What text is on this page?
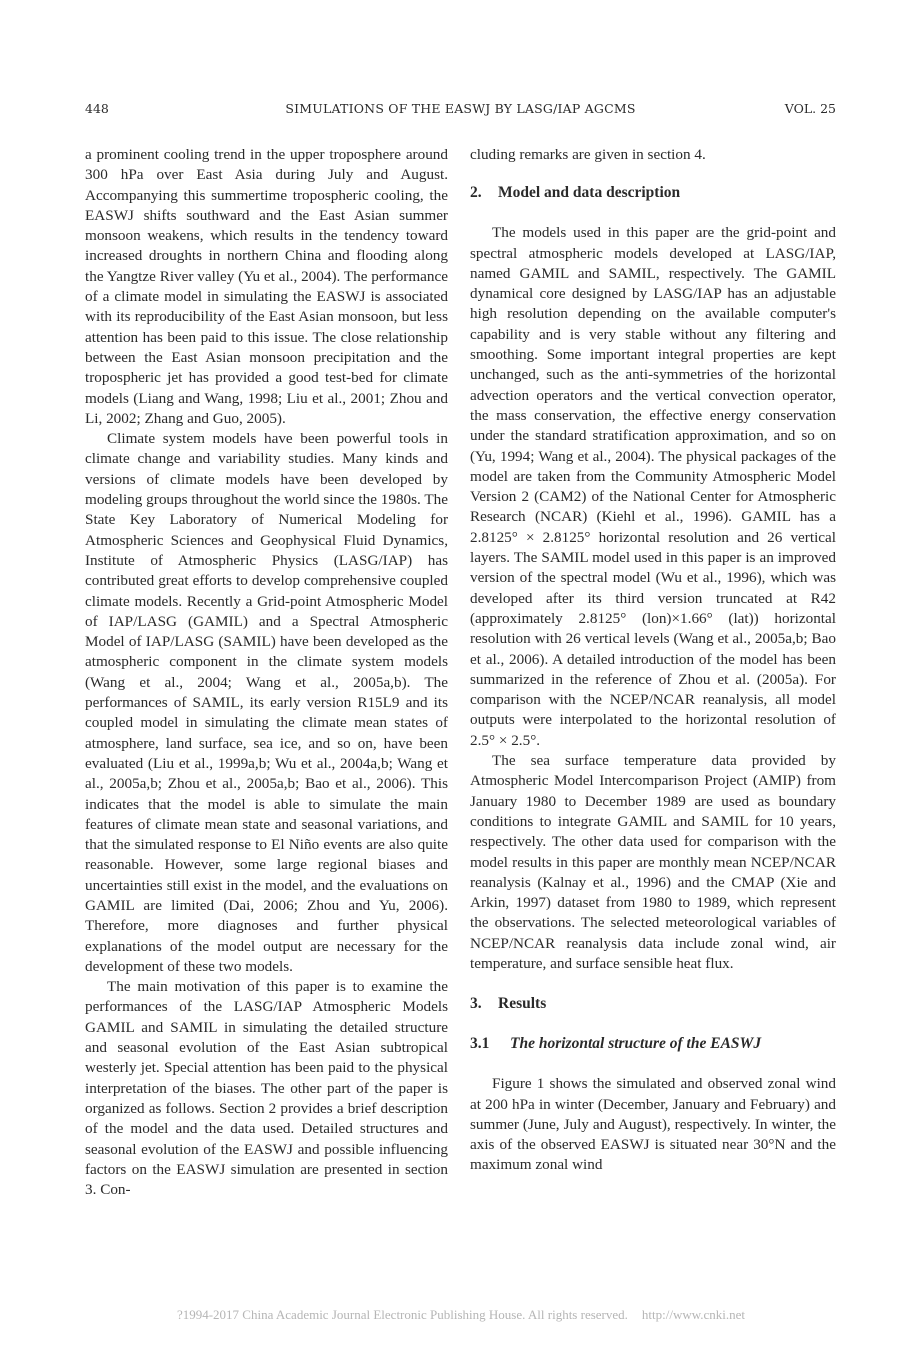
448	SIMULATIONS OF THE EASWJ BY LASG/IAP AGCMS	VOL. 25

a prominent cooling trend in the upper troposphere around 300 hPa over East Asia during July and August. Accompanying this summertime tropospheric cooling, the EASWJ shifts southward and the East Asian summer monsoon weakens, which results in the tendency toward increased droughts in northern China and flooding along the Yangtze River valley (Yu et al., 2004). The performance of a climate model in simulating the EASWJ is associated with its reproducibility of the East Asian monsoon, but less attention has been paid to this issue. The close relationship between the East Asian monsoon precipitation and the tropospheric jet has provided a good test-bed for climate models (Liang and Wang, 1998; Liu et al., 2001; Zhou and Li, 2002; Zhang and Guo, 2005).

Climate system models have been powerful tools in climate change and variability studies. Many kinds and versions of climate models have been developed by modeling groups throughout the world since the 1980s. The State Key Laboratory of Numerical Modeling for Atmospheric Sciences and Geophysical Fluid Dynamics, Institute of Atmospheric Physics (LASG/IAP) has contributed great efforts to develop comprehensive coupled climate models. Recently a Grid-point Atmospheric Model of IAP/LASG (GAMIL) and a Spectral Atmospheric Model of IAP/LASG (SAMIL) have been developed as the atmospheric component in the climate system models (Wang et al., 2004; Wang et al., 2005a,b). The performances of SAMIL, its early version R15L9 and its coupled model in simulating the climate mean states of atmosphere, land surface, sea ice, and so on, have been evaluated (Liu et al., 1999a,b; Wu et al., 2004a,b; Wang et al., 2005a,b; Zhou et al., 2005a,b; Bao et al., 2006). This indicates that the model is able to simulate the main features of climate mean state and seasonal variations, and that the simulated response to El Niño events are also quite reasonable. However, some large regional biases and uncertainties still exist in the model, and the evaluations on GAMIL are limited (Dai, 2006; Zhou and Yu, 2006). Therefore, more diagnoses and further physical explanations of the model output are necessary for the development of these two models.

The main motivation of this paper is to examine the performances of the LASG/IAP Atmospheric Models GAMIL and SAMIL in simulating the detailed structure and seasonal evolution of the East Asian subtropical westerly jet. Special attention has been paid to the physical interpretation of the biases. The other part of the paper is organized as follows. Section 2 provides a brief description of the model and the data used. Detailed structures and seasonal evolution of the EASWJ and possible influencing factors on the EASWJ simulation are presented in section 3. Con-

cluding remarks are given in section 4.

2. Model and data description

The models used in this paper are the grid-point and spectral atmospheric models developed at LASG/IAP, named GAMIL and SAMIL, respectively. The GAMIL dynamical core designed by LASG/IAP has an adjustable high resolution depending on the available computer's capability and is very stable without any filtering and smoothing. Some important integral properties are kept unchanged, such as the anti-symmetries of the horizontal advection operators and the vertical convection operator, the mass conservation, the effective energy conservation under the standard stratification approximation, and so on (Yu, 1994; Wang et al., 2004). The physical packages of the model are taken from the Community Atmospheric Model Version 2 (CAM2) of the National Center for Atmospheric Research (NCAR) (Kiehl et al., 1996). GAMIL has a 2.8125° × 2.8125° horizontal resolution and 26 vertical layers. The SAMIL model used in this paper is an improved version of the spectral model (Wu et al., 1996), which was developed after its third version truncated at R42 (approximately 2.8125° (lon)×1.66° (lat)) horizontal resolution with 26 vertical levels (Wang et al., 2005a,b; Bao et al., 2006). A detailed introduction of the model has been summarized in the reference of Zhou et al. (2005a). For comparison with the NCEP/NCAR reanalysis, all model outputs were interpolated to the horizontal resolution of 2.5° × 2.5°.

The sea surface temperature data provided by Atmospheric Model Intercomparison Project (AMIP) from January 1980 to December 1989 are used as boundary conditions to integrate GAMIL and SAMIL for 10 years, respectively. The other data used for comparison with the model results in this paper are monthly mean NCEP/NCAR reanalysis (Kalnay et al., 1996) and the CMAP (Xie and Arkin, 1997) dataset from 1980 to 1989, which represent the observations. The selected meteorological variables of NCEP/NCAR reanalysis data include zonal wind, air temperature, and surface sensible heat flux.

3. Results
3.1 The horizontal structure of the EASWJ

Figure 1 shows the simulated and observed zonal wind at 200 hPa in winter (December, January and February) and summer (June, July and August), respectively. In winter, the axis of the observed EASWJ is situated near 30°N and the maximum zonal wind

?1994-2017 China Academic Journal Electronic Publishing House. All rights reserved. http://www.cnki.net
